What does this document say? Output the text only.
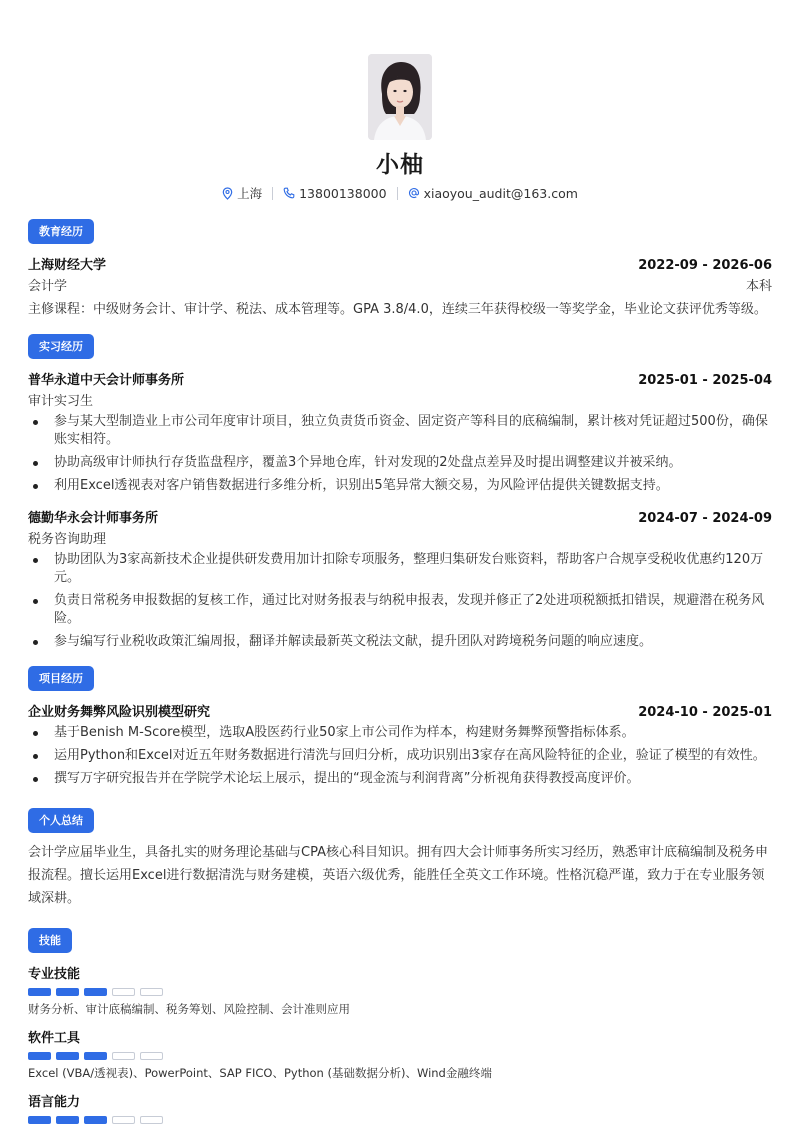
小柚
上海	13800138000	xiaoyou_audit@163.com
教育经历
上海财经大学	2022-09 - 2026-06
会计学	本科
主修课程：中级财务会计、审计学、税法、成本管理等。GPA 3.8/4.0，连续三年获得校级一等奖学金，毕业论文获评优秀等级。
实习经历
普华永道中天会计师事务所	2025-01 - 2025-04
审计实习生
参与某大型制造业上市公司年度审计项目，独立负责货币资金、固定资产等科目的底稿编制，累计核对凭证超过500份，确保账实相符。
协助高级审计师执行存货监盘程序，覆盖3个异地仓库，针对发现的2处盘点差异及时提出调整建议并被采纳。
利用Excel透视表对客户销售数据进行多维分析，识别出5笔异常大额交易，为风险评估提供关键数据支持。
德勤华永会计师事务所	2024-07 - 2024-09
税务咨询助理
协助团队为3家高新技术企业提供研发费用加计扣除专项服务，整理归集研发台账资料，帮助客户合规享受税收优惠约120万元。
负责日常税务申报数据的复核工作，通过比对财务报表与纳税申报表，发现并修正了2处进项税额抵扣错误，规避潜在税务风险。
参与编写行业税收政策汇编周报，翻译并解读最新英文税法文献，提升团队对跨境税务问题的响应速度。
项目经历
企业财务舞弊风险识别模型研究	2024-10 - 2025-01
基于Benish M-Score模型，选取A股医药行业50家上市公司作为样本，构建财务舞弊预警指标体系。
运用Python和Excel对近五年财务数据进行清洗与回归分析，成功识别出3家存在高风险特征的企业，验证了模型的有效性。
撰写万字研究报告并在学院学术论坛上展示，提出的“现金流与利润背离”分析视角获得教授高度评价。
个人总结
会计学应届毕业生，具备扎实的财务理论基础与CPA核心科目知识。拥有四大会计师事务所实习经历，熟悉审计底稿编制及税务申报流程。擅长运用Excel进行数据清洗与财务建模，英语六级优秀，能胜任全英文工作环境。性格沉稳严谨，致力于在专业服务领域深耕。
技能
专业技能
财务分析、审计底稿编制、税务筹划、风险控制、会计准则应用
软件工具
Excel (VBA/透视表)、PowerPoint、SAP FICO、Python (基础数据分析)、Wind金融终端
语言能力
